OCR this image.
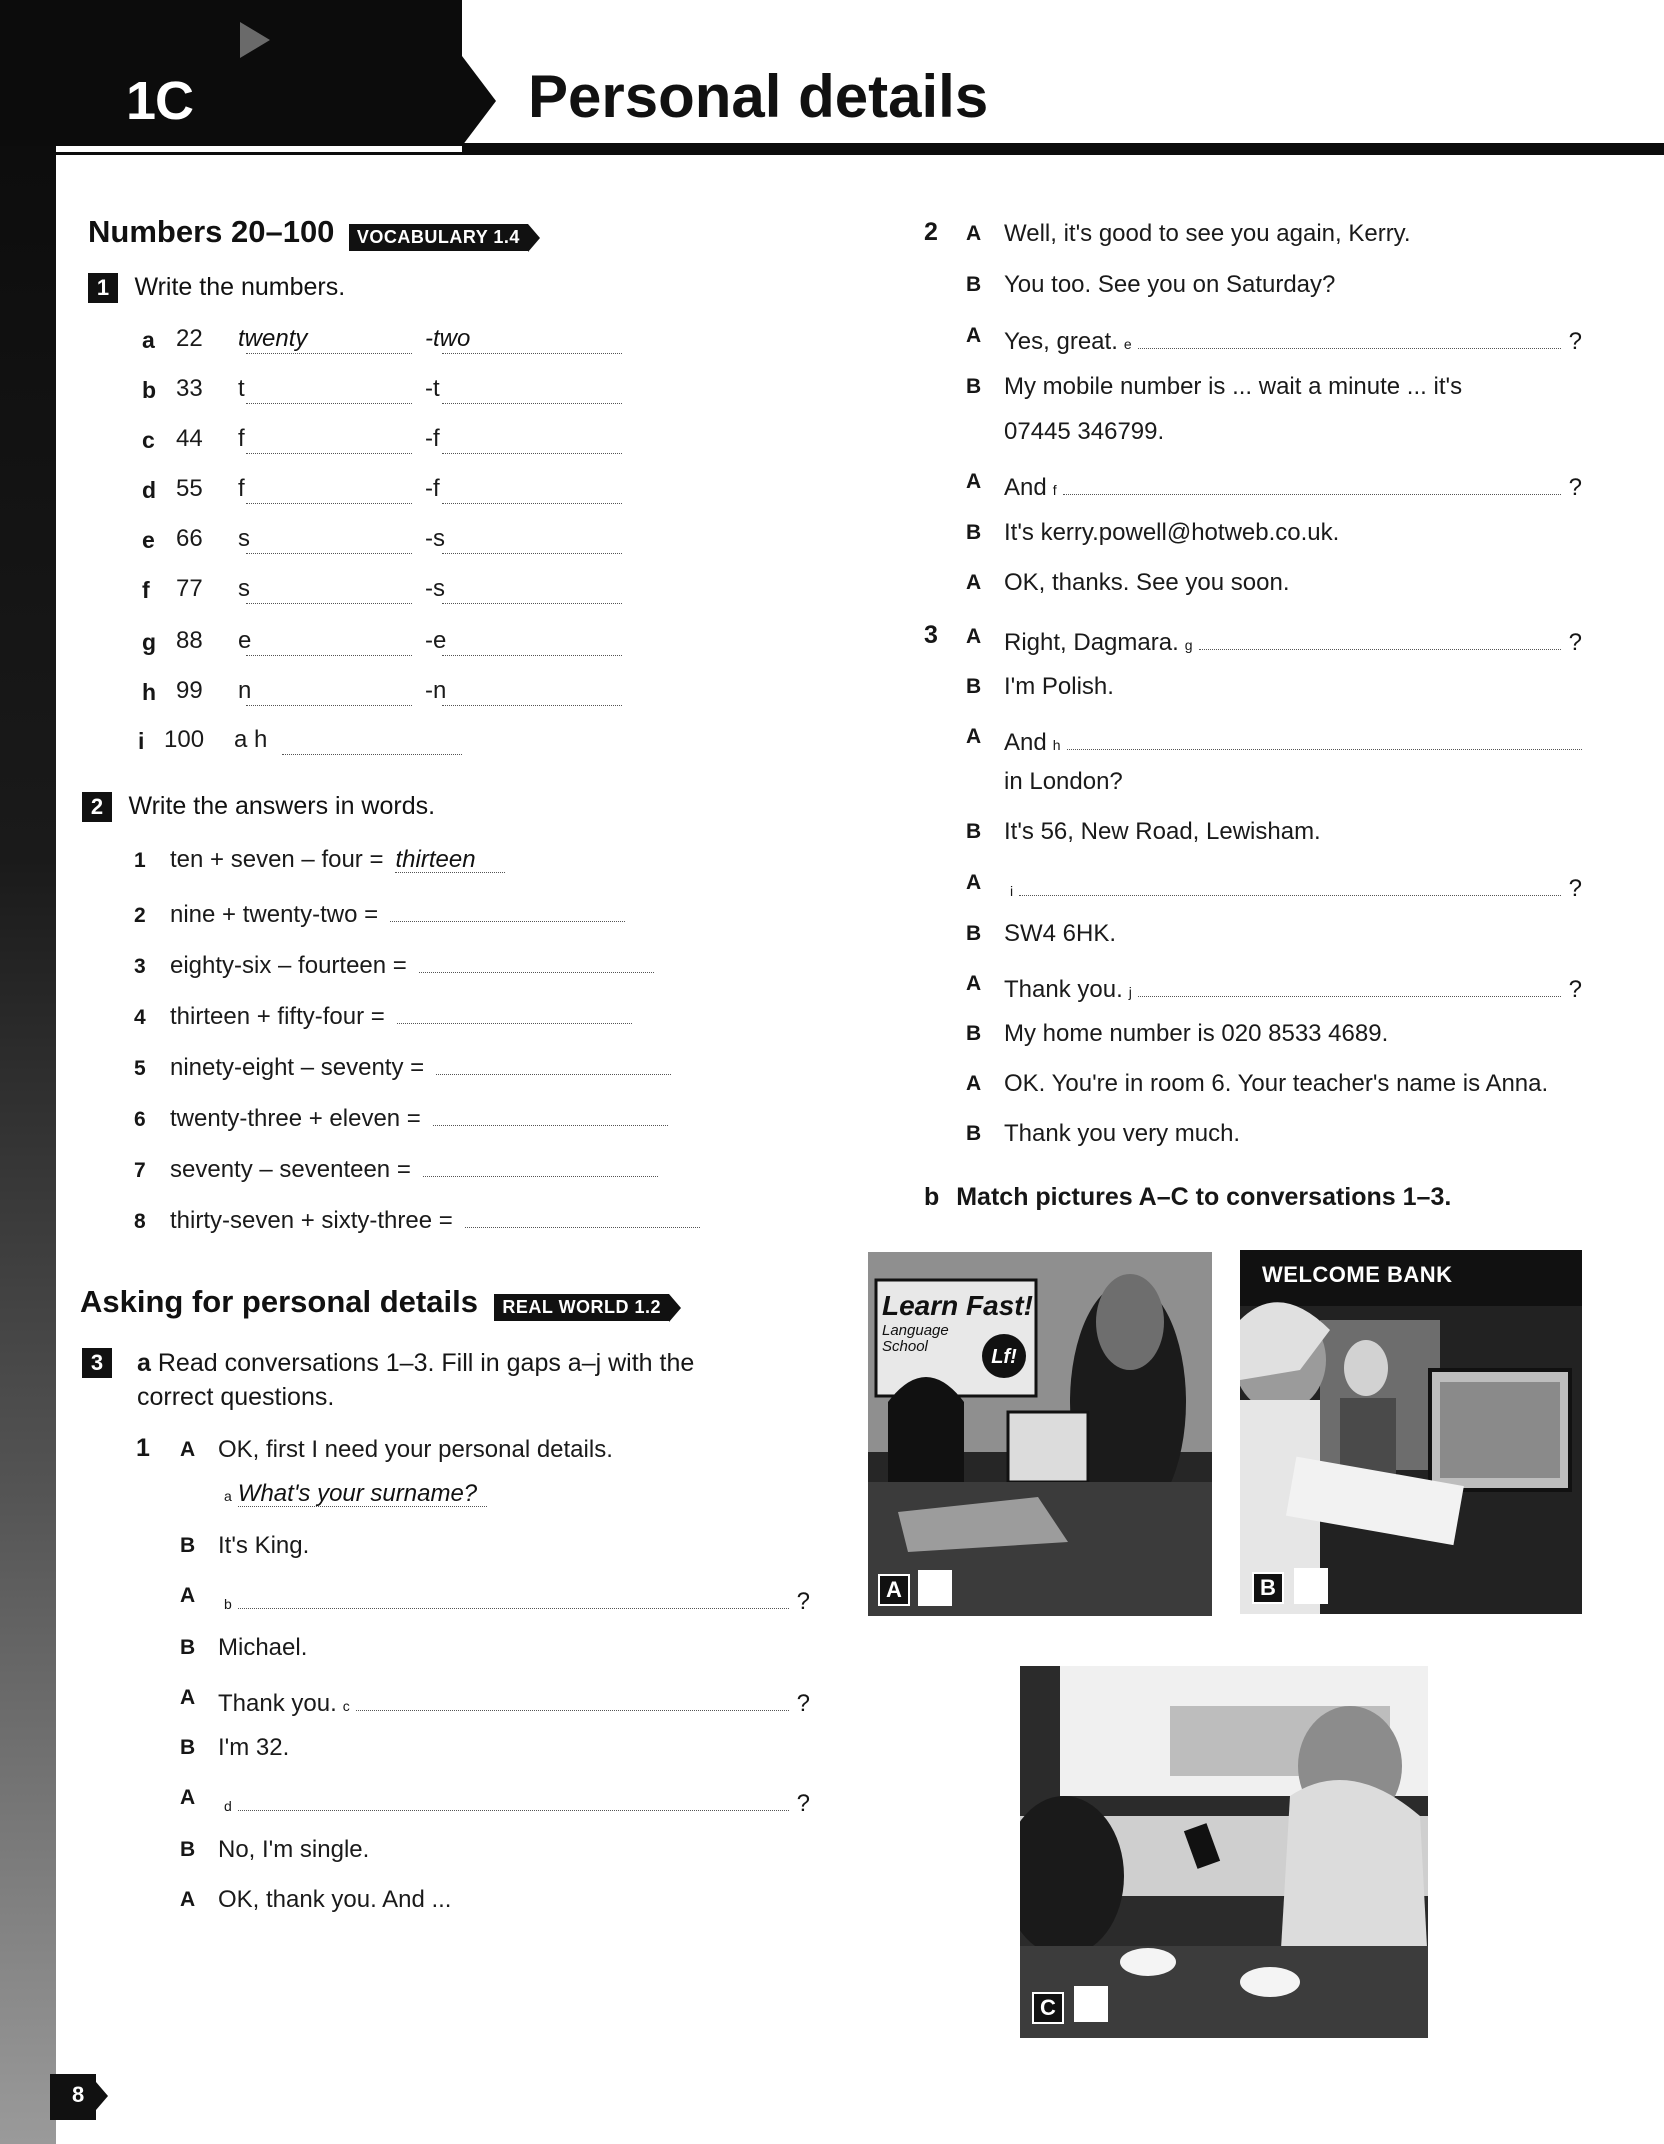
1C	Personal details
Numbers 20–100 VOCABULARY 1.4
1 Write the numbers.
a 22 twenty	-two
b 33 t	-t
c 44 f	-f
d 55 f	-f
e 66 s	-s
f 77 s	-s
g 88 e	-e
h 99 n	-n
i 100 a h
2 Write the answers in words.
1 ten + seven – four = thirteen
2 nine + twenty-two =
3 eighty-six – fourteen =
4 thirteen + fifty-four =
5 ninety-eight – seventy =
6 twenty-three + eleven =
7 seventy – seventeen =
8 thirty-seven + sixty-three =
Asking for personal details REAL WORLD 1.2
3	a Read conversations 1–3. Fill in gaps a–j with the
correct questions.
1 A OK, first I need your personal details.
a What's your surname?
B It's King.
A b	?
B Michael.
A Thank you. c	?
B I'm 32.
A d	?
B No, I'm single.
A OK, thank you. And ...
2 A Well, it's good to see you again, Kerry.
B You too. See you on Saturday?
A Yes, great. e	?
B My mobile number is ... wait a minute ... it's
07445 346799.
A And f	?
B It's kerry.powell@hotweb.co.uk.
A OK, thanks. See you soon.
3 A Right, Dagmara. g	?
B I'm Polish.
A And h
in London?
B It's 56, New Road, Lewisham.
A i	?
B SW4 6HK.
A Thank you. j	?
B My home number is 020 8533 4689.
A OK. You're in room 6. Your teacher's name is Anna.
B Thank you very much.
b Match pictures A–C to conversations 1–3.
Learn Fast!
Language
School	Lf!
A
WELCOME BANK
B
C
8
